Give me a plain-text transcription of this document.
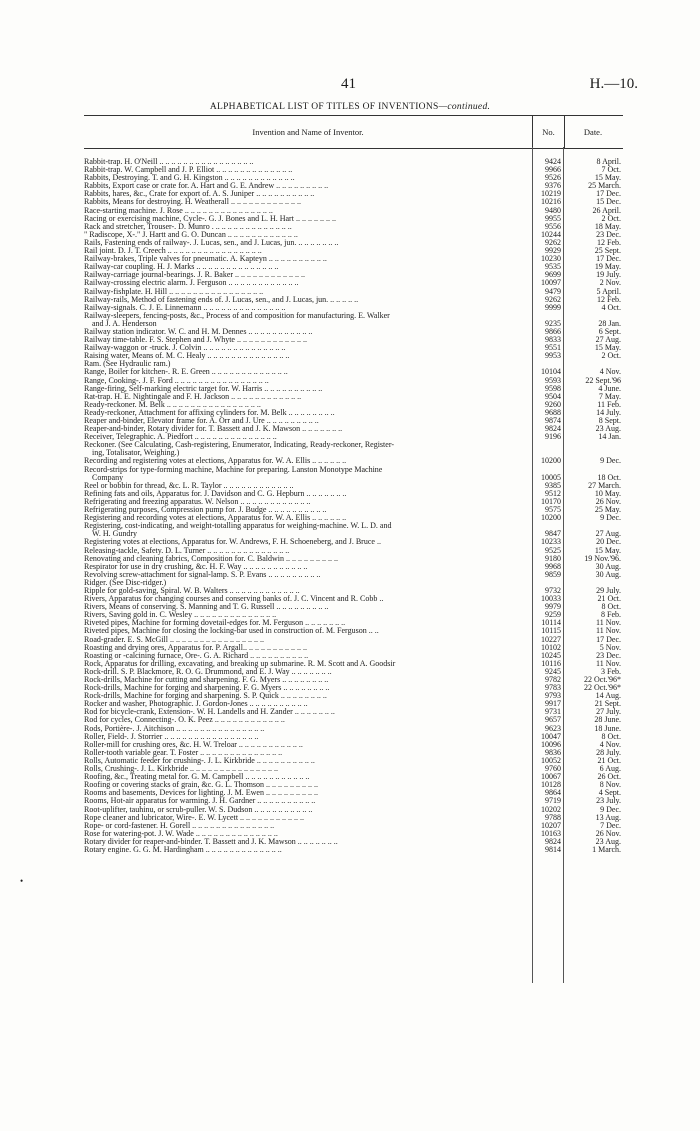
41	H.—10.
ALPHABETICAL LIST OF TITLES OF INVENTIONS—continued.
Invention and Name of Inventor.	No.	Date.
•
Rabbit-trap. H. O'Neill .. .. .. .. .. .. .. .. .. .. .. .. .. .. .. ..	9424	8 April.
Rabbit-trap. W. Campbell and J. P. Elliot .. .. .. .. .. .. .. .. .. .. .. .. ..	9966	7 Oct.
Rabbits, Destroying. T. and G. H. Kingston .. .. .. .. .. .. .. .. .. .. .. ..	9526	15 May.
Rabbits, Export case or crate for. A. Hart and G. E. Andrew .. .. .. .. .. .. .. .. ..	9376	25 March.
Rabbits, hares, &c., Crate for export of. A. S. Juniper .. .. .. .. .. .. .. .. .. ..	10219	17 Dec.
Rabbits, Means for destroying. H. Weatherall .. .. .. .. .. .. .. .. .. .. .. ..	10216	15 Dec.
Race-starting machine. J. Rose .. .. .. .. .. .. .. .. .. .. .. .. .. .. ..	9480	26 April.
Racing or exercising machine, Cycle-. G. J. Bones and L. H. Hart .. .. .. .. .. .. ..	9955	2 Oct.
Rack and stretcher, Trouser-. D. Munro . .. .. .. .. .. .. .. .. .. .. .. .. ..	9556	18 May.
" Radiscope, X-." J. Hartt and G. O. Duncan .. .. .. .. .. .. .. .. .. .. .. ..	10244	23 Dec.
Rails, Fastening ends of railway-. J. Lucas, sen., and J. Lucas, jun. .. .. .. .. .. .. ..	9262	12 Feb.
Rail joint. D. J. T. Creech .. .. .. .. .. .. .. .. .. .. .. .. .. .. .. ..	9929	25 Sept.
Railway-brakes, Triple valves for pneumatic. A. Kapteyn .. .. .. .. .. .. .. .. .. ..	10230	17 Dec.
Railway-car coupling. H. J. Marks .. .. .. .. .. .. .. .. .. .. .. .. .. ..	9535	19 May.
Railway-carriage journal-bearings. J. R. Baker .. .. .. .. .. .. .. .. .. .. .. ..	9699	19 July.
Railway-crossing electric alarm. J. Ferguson .. .. .. .. .. .. .. .. .. .. .. ..	10097	2 Nov.
Railway-fishplate. H. Hill .. .. .. .. .. .. .. .. .. .. .. .. .. .. .. ..	9479	5 April.
Railway-rails, Method of fastening ends of. J. Lucas, sen., and J. Lucas, jun. .. .. .. .. ..	9262	12 Feb.
Railway-signals. C. J. E. Linnemann .. .. .. .. .. .. .. .. .. .. .. .. .. ..	9999	4 Oct.
Railway-sleepers, fencing-posts, &c., Process of and composition for manufacturing. E. Walker
and J. A. Henderson	9235	28 Jan.
Railway station indicator. W. C. and H. M. Dennes .. .. .. .. .. .. .. .. .. .. ..	9866	6 Sept.
Railway time-table. F. S. Stephen and J. Whyte .. .. .. .. .. .. .. .. .. .. .. ..	9833	27 Aug.
Railway-waggon or -truck. J. Colvin .. .. .. .. .. .. .. .. .. .. .. .. .. ..	9551	15 May.
Raising water, Means of. M. C. Healy .. .. .. .. .. .. .. .. .. .. .. .. .. ..	9953	2 Oct.
Ram. (See Hydraulic ram.)
Range, Boiler for kitchen-. R. E. Green .. .. .. .. .. .. .. .. .. .. .. .. ..	10104	4 Nov.
Range, Cooking-. J. F. Ford .. .. .. .. .. .. .. .. .. .. .. .. .. .. .. ..	9593	22 Sept.'96
Range-firing, Self-marking electric target for. W. Harris .. .. .. .. .. .. .. .. .. ..	9598	4 June.
Rat-trap. H. E. Nightingale and F. H. Jackson .. .. .. .. .. .. .. .. .. .. .. ..	9504	7 May.
Ready-reckoner. M. Belk .. .. .. .. .. .. .. .. .. .. .. .. .. .. .. ..	9260	11 Feb.
Ready-reckoner, Attachment for affixing cylinders for. M. Belk .. .. .. .. .. .. .. ..	9688	14 July.
Reaper and-binder, Elevator frame for. A. Orr and J. Ure .. .. .. .. .. .. .. .. ..	9874	8 Sept.
Reaper-and-binder, Rotary divider for. T. Bassett and J. K. Mawson .. .. .. .. .. .. ..	9824	23 Aug.
Receiver, Telegraphic. A. Piedfort .. .. .. .. .. .. .. .. .. .. .. .. .. ..	9196	14 Jan.
Reckoner. (See Calculating, Cash-registering, Enumerator, Indicating, Ready-reckoner, Register-
ing, Totalisator, Weighing.)
Recording and registering votes at elections, Apparatus for. W. A. Ellis .. .. .. .. .. ..	10200	9 Dec.
Record-strips for type-forming machine, Machine for preparing. Lanston Monotype Machine
Company	10005	18 Oct.
Reel or bobbin for thread, &c. L. R. Taylor .. .. .. .. .. .. .. .. .. .. .. ..	9385	27 March.
Refining fats and oils, Apparatus for. J. Davidson and C. G. Hepburn .. .. .. .. .. .. ..	9512	10 May.
Refrigerating and freezing apparatus. W. Nelson .. .. .. .. .. .. .. .. .. .. .. ..	10170	26 Nov.
Refrigerating purposes, Compression pump for. J. Budge .. .. .. .. .. .. .. .. .. ..	9575	25 May.
Registering and recording votes at elections, Apparatus for. W. A. Ellis .. .. .. .. .. ..	10200	9 Dec.
Registering, cost-indicating, and weight-totalling apparatus for weighing-machine. W. L. D. and
W. H. Gundry	9847	27 Aug.
Registering votes at elections, Apparatus for. W. Andrews, F. H. Schoeneberg, and J. Bruce ..	10233	20 Dec.
Releasing-tackle, Safety. D. L. Turner .. .. .. .. .. .. .. .. .. .. .. .. .. ..	9525	15 May.
Renovating and cleaning fabrics, Composition for. C. Baldwin .. .. .. .. .. .. .. .. ..	9180	19 Nov.'96.
Respirator for use in dry crushing, &c. H. F. Way .. .. .. .. .. .. .. .. .. .. ..	9968	30 Aug.
Revolving screw-attachment for signal-lamp. S. P. Evans .. .. .. .. .. .. .. .. ..	9859	30 Aug.
Ridger. (See Disc-ridger.)
Ripple for gold-saving, Spiral. W. B. Walters .. .. .. .. .. .. .. .. .. .. .. ..	9732	29 July.
Rivers, Apparatus for changing courses and conserving banks of. J. C. Vincent and R. Cobb ..	10033	21 Oct.
Rivers, Means of conserving. S. Manning and T. G. Russell .. .. .. .. .. .. .. .. ..	9979	8 Oct.
Rivers, Saving gold in. C. Wesley .. .. .. .. .. .. .. .. .. .. .. .. .. ..	9259	8 Feb.
Riveted pipes, Machine for forming dovetail-edges for. M. Ferguson .. .. .. .. .. .. ..	10114	11 Nov.
Riveted pipes, Machine for closing the locking-bar used in construction of. M. Ferguson .. ..	10115	11 Nov.
Road-grader. E. S. McGill .. .. .. .. .. .. .. .. .. .. .. .. .. .. .. ..	10227	17 Dec.
Roasting and drying ores, Apparatus for. P. Argall.. .. .. .. .. .. .. .. .. .. ..	10102	5 Nov.
Roasting or -calcining furnace, Ore-. G. A. Richard .. .. .. .. .. .. .. .. .. ..	10245	23 Dec.
Rock, Apparatus for drilling, excavating, and breaking up submarine. R. M. Scott and A. Goodsir	10116	11 Nov.
Rock-drill. S. P. Blackmore, R. O. G. Drummond, and E. J. Way .. .. .. .. .. .. ..	9245	3 Feb.
Rock-drills, Machine for cutting and sharpening. F. G. Myers .. .. .. .. .. .. .. ..	9782	22 Oct.'96*
Rock-drills, Machine for forging and sharpening. F. G. Myers .. .. .. .. .. .. .. ..	9783	22 Oct.'96*
Rock-drills, Machine for forging and sharpening. S. P. Quick .. .. .. .. .. .. .. ..	9793	14 Aug.
Rocker and washer, Photographic. J. Gordon-Jones .. .. .. .. .. .. .. .. .. ..	9917	21 Sept.
Rod for bicycle-crank, Extension-. W. H. Landells and H. Zander .. .. .. .. .. .. ..	9731	27 July.
Rod for cycles, Connecting-. O. K. Peez .. .. .. .. .. .. .. .. .. .. .. ..	9657	28 June.
Rods, Portière-. J. Aitchison .. .. .. .. .. .. .. .. .. .. .. .. .. .. ..	9623	18 June.
Roller, Field-. J. Storrier .. .. .. .. .. .. .. .. .. .. .. .. .. .. .. ..	10047	8 Oct.
Roller-mill for crushing ores, &c. H. W. Treloar .. .. .. .. .. .. .. .. .. .. ..	10096	4 Nov.
Roller-tooth variable gear. T. Foster .. .. .. .. .. .. .. .. .. .. .. .. .. ..	9836	28 July.
Rolls, Automatic feeder for crushing-. J. L. Kirkbride .. .. .. .. .. .. .. .. .. ..	10052	21 Oct.
Rolls, Crushing-. J. L. Kirkbride .. .. .. .. .. .. .. .. .. .. .. .. .. .. ..	9760	6 Aug.
Roofing, &c., Treating metal for. G. M. Campbell .. .. .. .. .. .. .. .. .. .. ..	10067	26 Oct.
Roofing or covering stacks of grain, &c. G. L. Thomson .. .. .. .. .. .. .. .. ..	10128	8 Nov.
Rooms and basements, Devices for lighting. J. M. Ewen .. .. .. .. .. .. .. .. ..	9864	4 Sept.
Rooms, Hot-air apparatus for warming. J. H. Gardner .. .. .. .. .. .. .. .. .. ..	9719	23 July.
Root-uplifter, tauhinu, or scrub-puller. W. S. Dudson .. .. .. .. .. .. .. .. .. ..	10202	9 Dec.
Rope cleaner and lubricator, Wire-. E. W. Lycett .. .. .. .. .. .. .. .. .. .. ..	9788	13 Aug.
Rope- or cord-fastener. H. Gorell .. .. .. .. .. .. .. .. .. .. .. .. .. ..	10207	7 Dec.
Rose for watering-pot. J. W. Wade .. .. .. .. .. .. .. .. .. .. .. .. .. ..	10163	26 Nov.
Rotary divider for reaper-and-binder. T. Bassett and J. K. Mawson .. .. .. .. .. .. ..	9824	23 Aug.
Rotary engine. G. G. M. Hardingham .. .. .. .. .. .. .. .. .. .. .. .. ..	9814	1 March.
